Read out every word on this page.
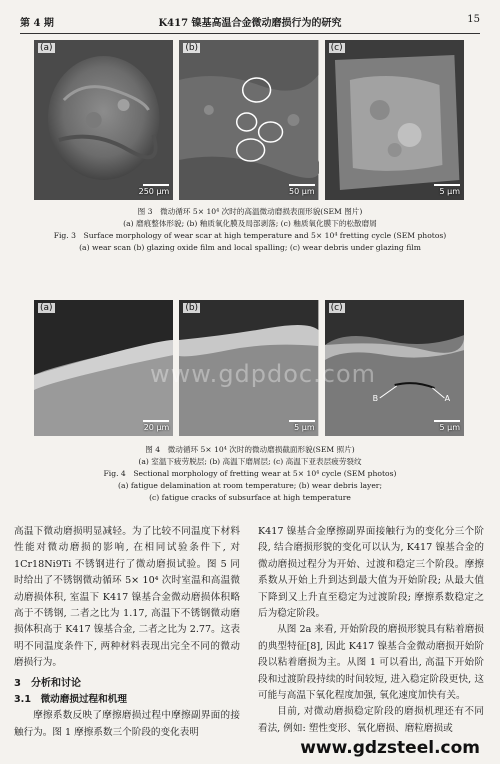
第 4 期	K417 镍基高温合金微动磨损行为的研究	15
(a)
250 μm
(b)
50 μm
(c)
5 μm
图 3　微动循环 5× 10⁴ 次时的高温微动磨损表面形貌(SEM 图片)
(a) 磨痕整体形貌; (b) 釉质氧化膜及局部剥落; (c) 釉质氧化膜下的松散磨屑
Fig. 3　Surface morphology of wear scar at high temperature and 5× 10⁴ fretting cycle (SEM photos)
(a) wear scan (b) glazing oxide film and local spalling; (c) wear debris under glazing film
(a)
20 μm
(b)
5 μm
(c)
B	A
5 μm
www.gdpdoc.com
图 4　微动循环 5× 10⁴ 次时的微动磨损截面形貌(SEM 照片)
(a) 室温下疲劳脱层; (b) 高温下磨屑层; (c) 高温下亚表层疲劳裂纹
Fig. 4　Sectional morphology of fretting wear at 5× 10⁴ cycle (SEM photos)
(a) fatigue delamination at room temperature; (b) wear debris layer;
(c) fatigue cracks of subsurface at high temperature

高温下微动磨损明显减轻。为了比较不同温度下材料性能对微动磨损的影响, 在相同试验条件下, 对 1Cr18Ni9Ti 不锈钢进行了微动磨损试验。图 5 同时给出了不锈钢微动循环 5× 10⁴ 次时室温和高温微动磨损体积, 室温下 K417 镍基合金微动磨损体积略高于不锈钢, 二者之比为 1.17, 高温下不锈钢微动磨损体积高于 K417 镍基合金, 二者之比为 2.77。这表明不同温度条件下, 两种材料表现出完全不同的微动磨损行为。

3　分析和讨论

3.1　微动磨损过程和机理

摩擦系数反映了摩擦磨损过程中摩擦副界面的接触行为。图 1 摩擦系数三个阶段的变化表明

K417 镍基合金摩擦副界面接触行为的变化分三个阶段, 结合磨损形貌的变化可以认为, K417 镍基合金的微动磨损过程分为开始、过渡和稳定三个阶段。摩擦系数从开始上升到达到最大值为开始阶段; 从最大值下降到又上升直至稳定为过渡阶段; 摩擦系数稳定之后为稳定阶段。

从图 2a 来看, 开始阶段的磨损形貌具有粘着磨损的典型特征[8], 因此 K417 镍基合金微动磨损开始阶段以粘着磨损为主。从图 1 可以看出, 高温下开始阶段和过渡阶段持续的时间较短, 进入稳定阶段更快, 这可能与高温下氧化程度加强, 氧化速度加快有关。

目前, 对微动磨损稳定阶段的磨损机理还有不同看法, 例如: 塑性变形、氧化磨损、磨粒磨损或

www.gdzsteel.com
